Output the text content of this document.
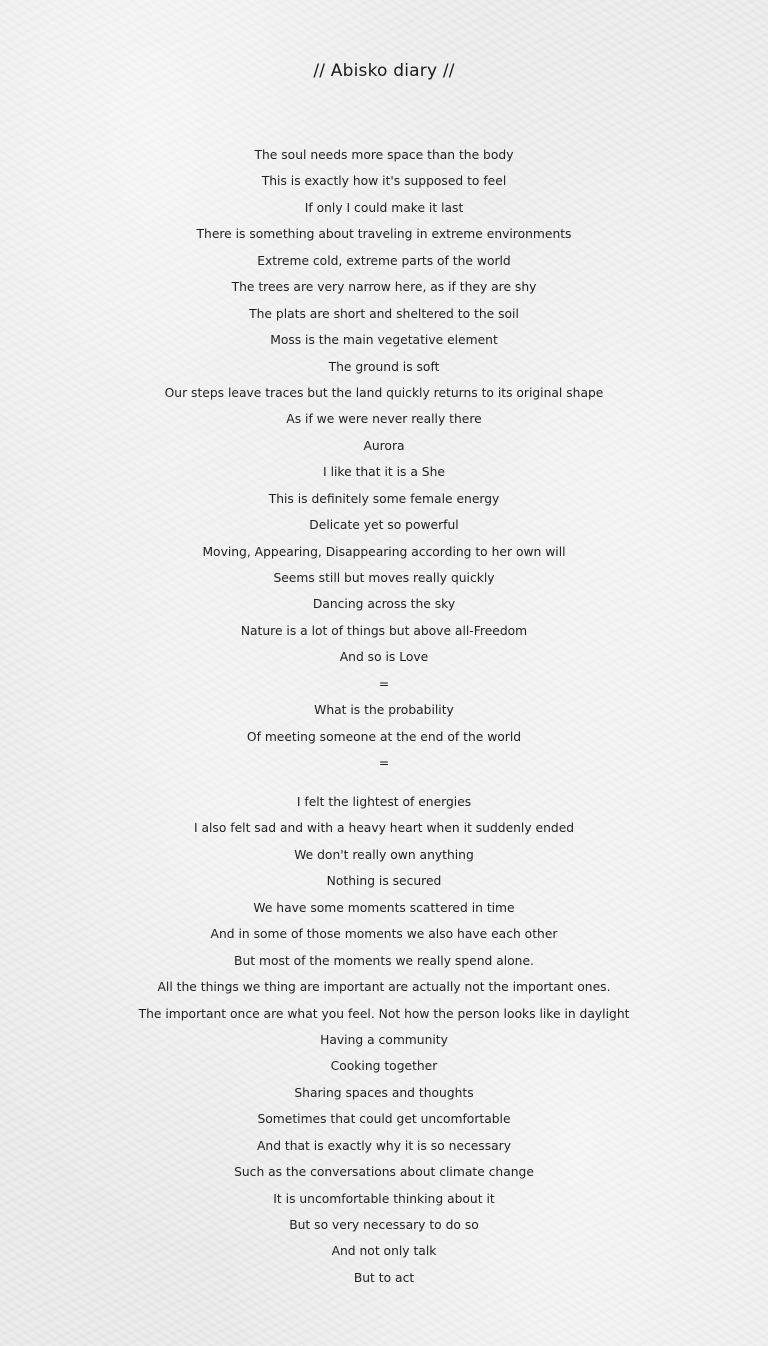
// Abisko diary //
The soul needs more space than the body
This is exactly how it's supposed to feel
If only I could make it last
There is something about traveling in extreme environments
Extreme cold, extreme parts of the world
The trees are very narrow here, as if they are shy
The plats are short and sheltered to the soil
Moss is the main vegetative element
The ground is soft
Our steps leave traces but the land quickly returns to its original shape
As if we were never really there
Aurora
I like that it is a She
This is definitely some female energy
Delicate yet so powerful
Moving, Appearing, Disappearing according to her own will
Seems still but moves really quickly
Dancing across the sky
Nature is a lot of things but above all-Freedom
And so is Love
=
What is the probability
Of meeting someone at the end of the world
=
I felt the lightest of energies
I also felt sad and with a heavy heart when it suddenly ended
We don't really own anything
Nothing is secured
We have some moments scattered in time
And in some of those moments we also have each other
But most of the moments we really spend alone.
All the things we thing are important are actually not the important ones.
The important once are what you feel. Not how the person looks like in daylight
Having a community
Cooking together
Sharing spaces and thoughts
Sometimes that could get uncomfortable
And that is exactly why it is so necessary
Such as the conversations about climate change
It is uncomfortable thinking about it
But so very necessary to do so
And not only talk
But to act
